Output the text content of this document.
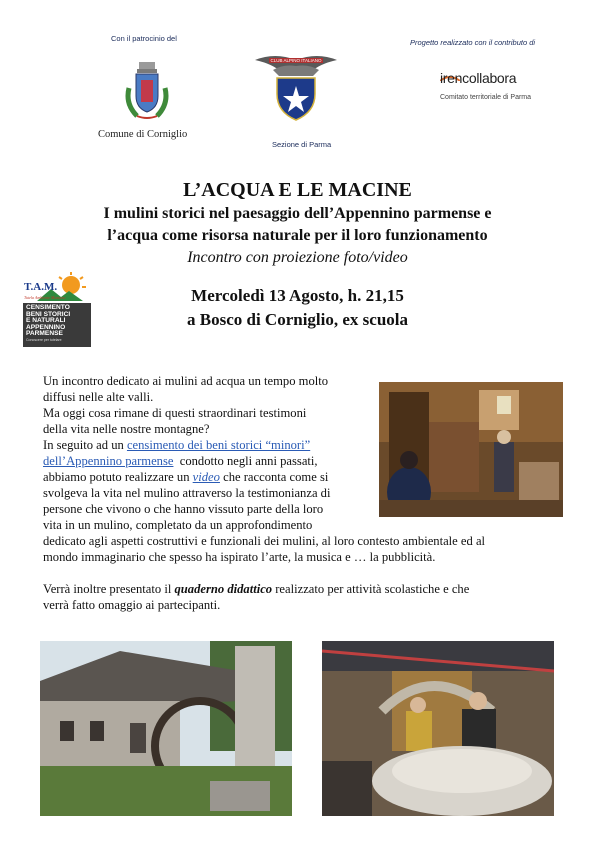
Con il patrocinio del
Comune di Corniglio
CLUB ALPINO ITALIANO
Sezione di Parma
Progetto realizzato con il contributo di
irencollabora
Comitato territoriale di Parma
L’ACQUA E LE MACINE
I mulini storici nel paesaggio dell’Appennino parmense e
l’acqua come risorsa naturale per il loro funzionamento
Incontro con proiezione foto/video
Mercoledì 13 Agosto, h. 21,15
a Bosco di Corniglio, ex scuola
T.A.M.
Tutela Ambiente Montano
CENSIMENTO
BENI STORICI
E NATURALI
APPENNINO
PARMENSE
Conoscere per tutelare
Un incontro dedicato ai mulini ad acqua un tempo molto
diffusi nelle alte valli.
Ma oggi cosa rimane di questi straordinari testimoni
della vita nelle nostre montagne?
In seguito ad un censimento dei beni storici “minori”
dell’Appennino parmense  condotto negli anni passati,
abbiamo potuto realizzare un video che racconta come si
svolgeva la vita nel mulino attraverso la testimonianza di
persone che vivono o che hanno vissuto parte della loro
vita in un mulino, completato da un approfondimento
dedicato agli aspetti costruttivi e funzionali dei mulini, al loro contesto ambientale ed al
mondo immaginario che spesso ha ispirato l’arte, la musica e … la pubblicità.
Verrà inoltre presentato il quaderno didattico realizzato per attività scolastiche e che
verrà fatto omaggio ai partecipanti.
